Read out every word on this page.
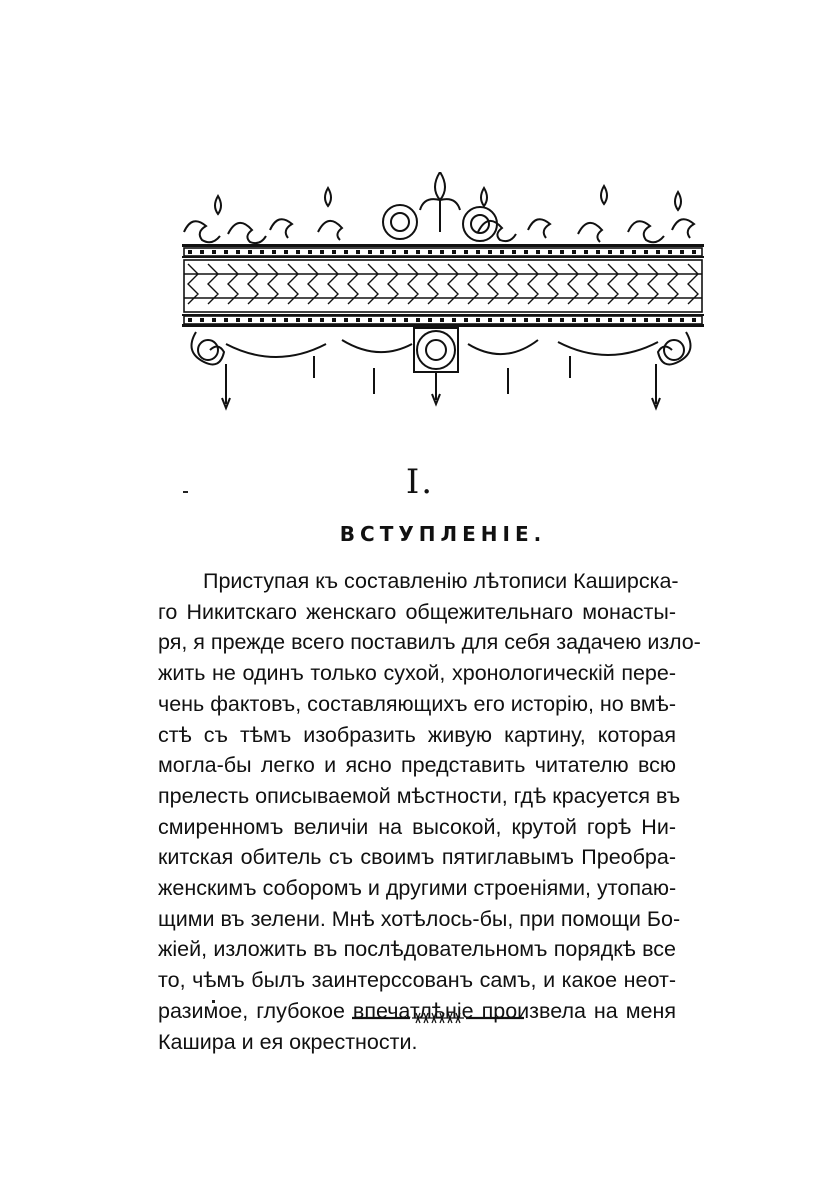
I.
ВСТУПЛЕНІЕ.
Приступая къ составленію лѣтописи Каширска-
го Никитскаго женскаго общежительнаго монасты-
ря, я прежде всего поставилъ для себя задачею изло-
жить не одинъ только сухой, хронологическій пере-
чень фактовъ, составляющихъ его исторію, но вмѣ-
стѣ съ тѣмъ изобразить живую картину, которая
могла-бы легко и ясно представить читателю всю
прелесть описываемой мѣстности, гдѣ красуется въ
смиренномъ величіи на высокой, крутой горѣ Ни-
китская обитель съ своимъ пятиглавымъ Преобра-
женскимъ соборомъ и другими строеніями, утопаю-
щими въ зелени. Мнѣ хотѣлось-бы, при помощи Бо-
жіей, изложить въ послѣдовательномъ порядкѣ все
то, чѣмъ былъ заинтерссованъ самъ, и какое неот-
разимое, глубокое впечатлѣніе произвела на меня
Кашира и ея окрестности.
